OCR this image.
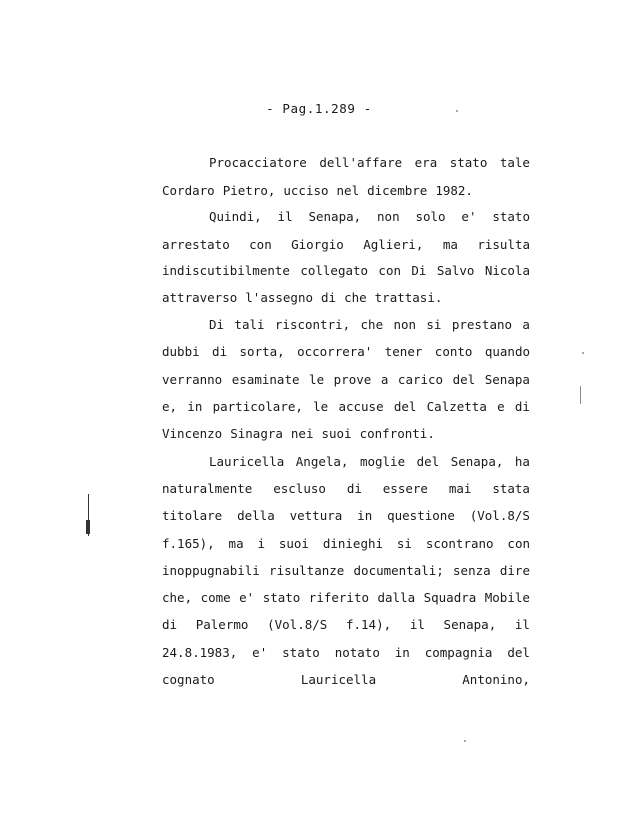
- Pag.1.289 -
Procacciatore dell'affare era stato tale
Cordaro Pietro, ucciso nel dicembre 1982.
Quindi, il Senapa, non solo e' stato
arrestato con Giorgio Aglieri, ma risulta
indiscutibilmente collegato con Di Salvo Nicola
attraverso l'assegno di che trattasi.
Di tali riscontri, che non si prestano a
dubbi di sorta, occorrera' tener conto quando
verranno esaminate le prove a carico del Senapa
e, in particolare, le accuse del Calzetta e di
Vincenzo Sinagra nei suoi confronti.
Lauricella Angela, moglie del Senapa, ha
naturalmente escluso di essere mai stata
titolare della vettura in questione (Vol.8/S
f.165), ma i suoi dinieghi si scontrano con
inoppugnabili risultanze documentali; senza dire
che, come e' stato riferito dalla Squadra Mobile
di Palermo (Vol.8/S f.14), il Senapa, il
24.8.1983, e' stato notato in compagnia del
cognato	Lauricella	Antonino,
